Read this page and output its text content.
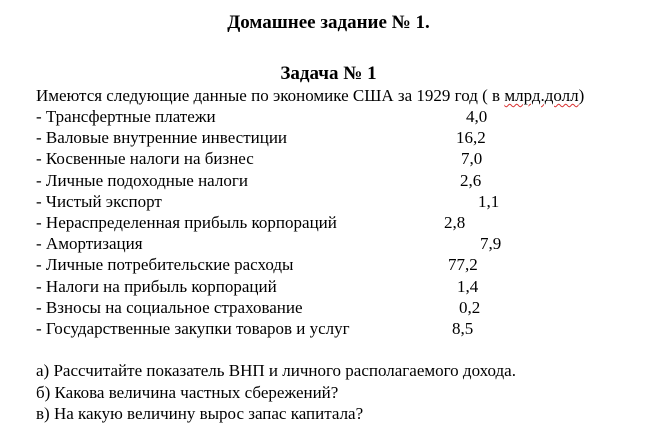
Домашнее задание № 1.
Задача № 1
Имеются следующие данные по экономике США за 1929 год ( в млрд.долл)
- Трансфертные платежи	4,0
- Валовые внутренние инвестиции	16,2
- Косвенные налоги на бизнес	7,0
- Личные подоходные налоги	2,6
- Чистый экспорт	1,1
- Нераспределенная прибыль корпораций	2,8
- Амортизация	7,9
- Личные потребительские расходы	77,2
- Налоги на прибыль корпораций	1,4
- Взносы на социальное страхование	0,2
- Государственные закупки товаров и услуг	8,5
а) Рассчитайте показатель ВНП и личного располагаемого дохода.
б) Какова величина частных сбережений?
в) На какую величину вырос запас капитала?
